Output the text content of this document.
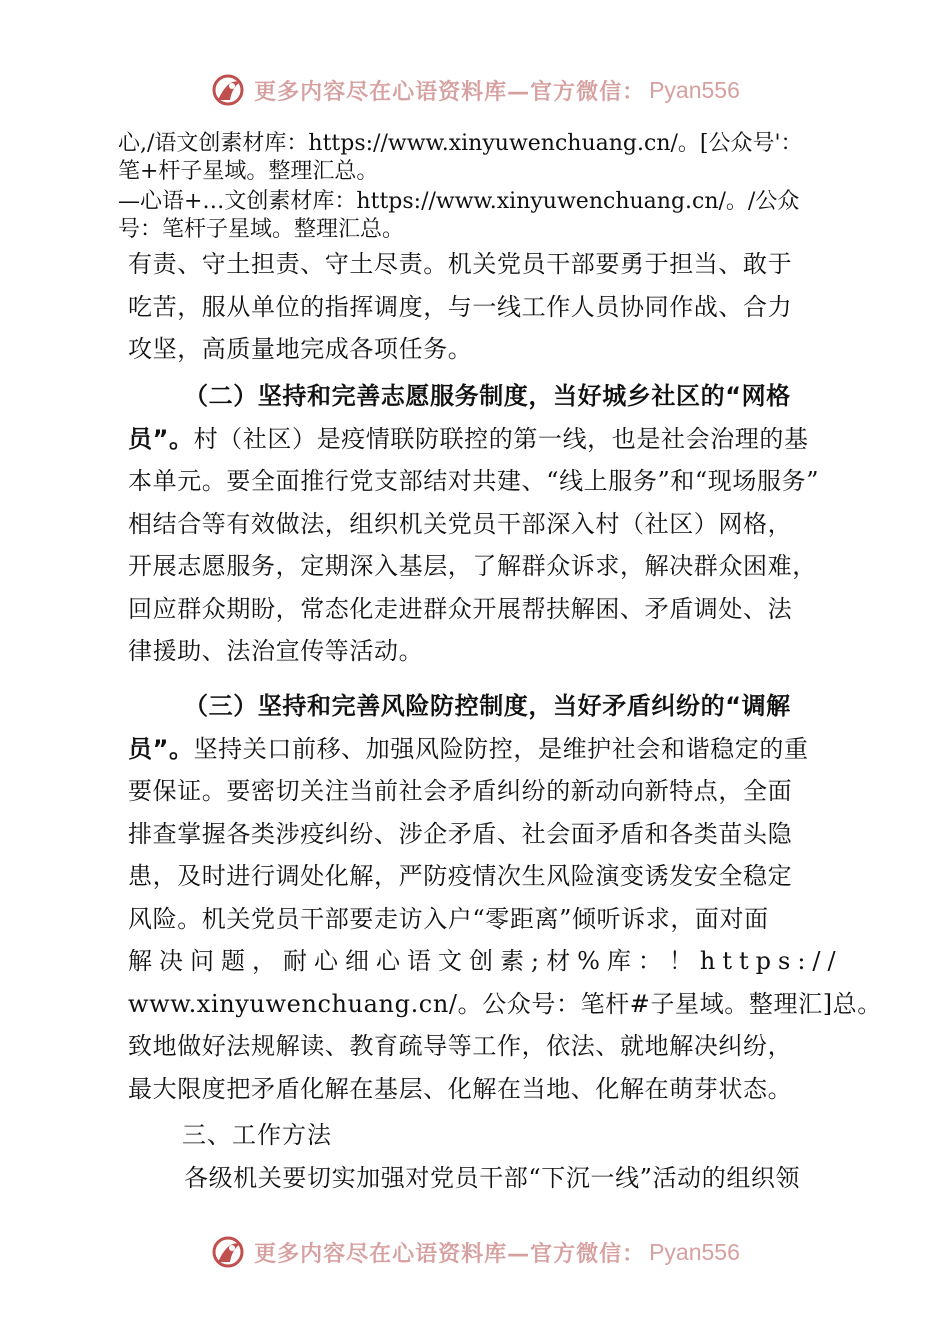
更多内容尽在心语资料库—官方微信： Pyan556

心,/语文创素材库：https://www.xinyuwenchuang.cn/。[公众号'：

笔+杆子星域。整理汇总。

—心语+…文创素材库：https://www.xinyuwenchuang.cn/。/公众

号：笔杆子星域。整理汇总。

有责、守土担责、守土尽责。机关党员干部要勇于担当、敢于
吃苦，服从单位的指挥调度，与一线工作人员协同作战、合力
攻坚，高质量地完成各项任务。
（二）坚持和完善志愿服务制度，当好城乡社区的“网格
员”。村（社区）是疫情联防联控的第一线，也是社会治理的基
本单元。要全面推行党支部结对共建、“线上服务”和“现场服务”
相结合等有效做法，组织机关党员干部深入村（社区）网格，
开展志愿服务，定期深入基层，了解群众诉求，解决群众困难，
回应群众期盼，常态化走进群众开展帮扶解困、矛盾调处、法
律援助、法治宣传等活动。
（三）坚持和完善风险防控制度，当好矛盾纠纷的“调解
员”。坚持关口前移、加强风险防控，是维护社会和谐稳定的重
要保证。要密切关注当前社会矛盾纠纷的新动向新特点，全面
排查掌握各类涉疫纠纷、涉企矛盾、社会面矛盾和各类苗头隐
患，及时进行调处化解，严防疫情次生风险演变诱发安全稳定
风险。机关党员干部要走访入户“零距离”倾听诉求，面对面
解决问题，耐心细心语文创素;材%库：！https://
www.xinyuwenchuang.cn/。公众号：笔杆#子星域。整理汇]总。
致地做好法规解读、教育疏导等工作，依法、就地解决纠纷，
最大限度把矛盾化解在基层、化解在当地、化解在萌芽状态。

三、工作方法

各级机关要切实加强对党员干部“下沉一线”活动的组织领
更多内容尽在心语资料库—官方微信： Pyan556
